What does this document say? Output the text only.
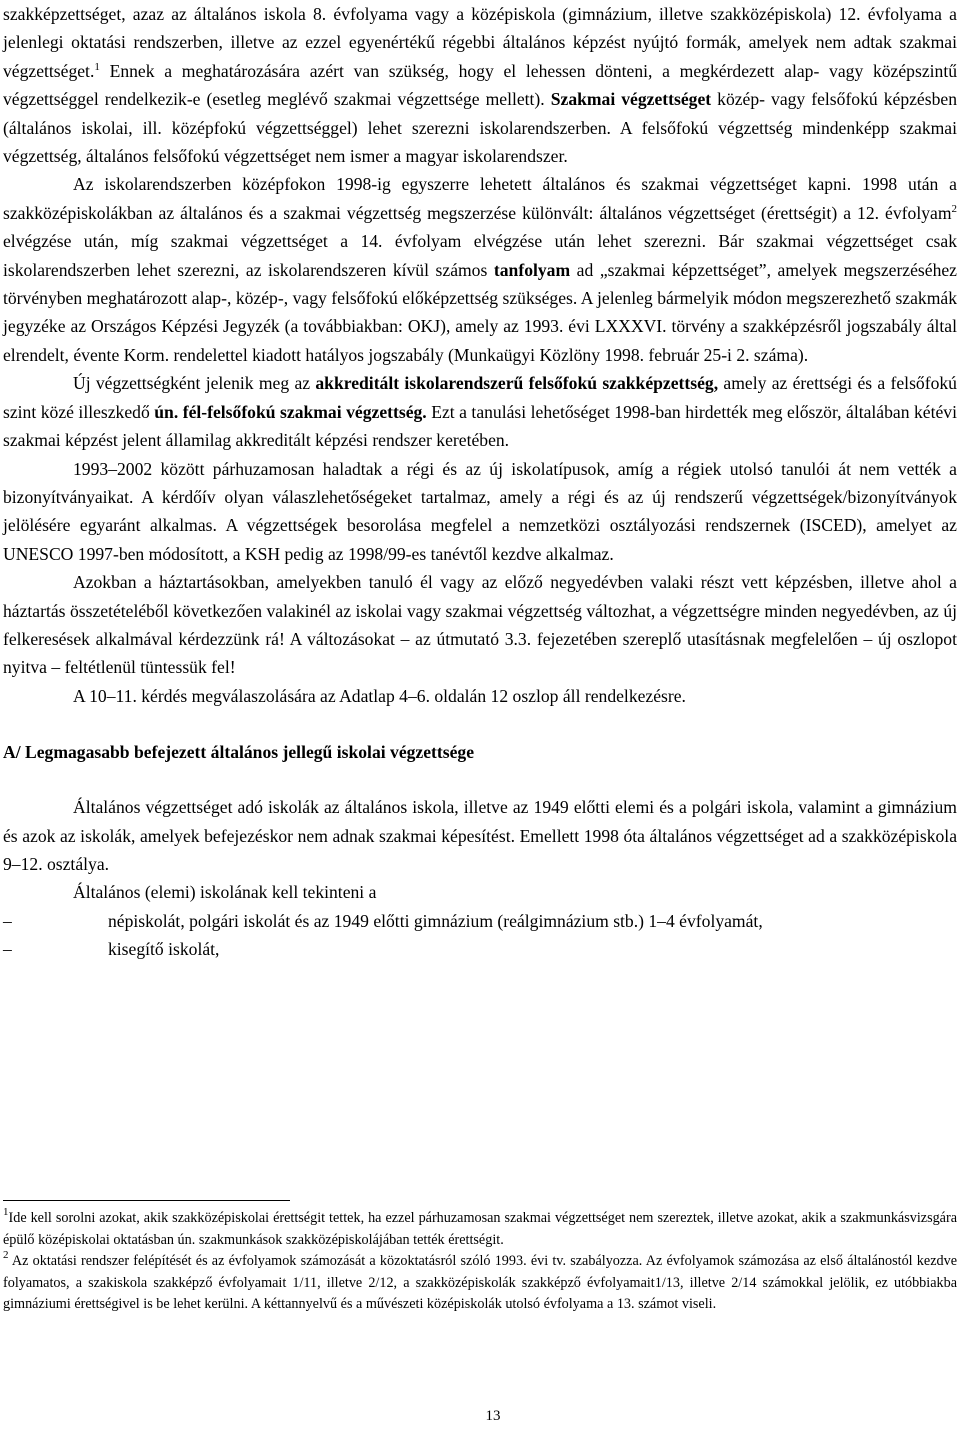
szakképzettséget, azaz az általános iskola 8. évfolyama vagy a középiskola (gimnázium, illetve szakközépiskola) 12. évfolyama a jelenlegi oktatási rendszerben, illetve az ezzel egyenértékű régebbi általános képzést nyújtó formák, amelyek nem adtak szakmai végzettséget.$^1$ Ennek a meghatározására azért van szükség, hogy el lehessen dönteni, a megkérdezett alap- vagy középszintű végzettséggel rendelkezik-e (esetleg meglévő szakmai végzettsége mellett). Szakmai végzettséget közép- vagy felsőfokú képzésben (általános iskolai, ill. középfokú végzettséggel) lehet szerezni iskolarendszerben. A felsőfokú végzettség mindenképp szakmai végzettség, általános felsőfokú végzettséget nem ismer a magyar iskolarendszer.

Az iskolarendszerben középfokon 1998-ig egyszerre lehetett általános és szakmai végzettséget kapni. 1998 után a szakközépiskolákban az általános és a szakmai végzettség megszerzése különvált: általános végzettséget (érettségit) a 12. évfolyam$^2$ elvégzése után, míg szakmai végzettséget a 14. évfolyam elvégzése után lehet szerezni. Bár szakmai végzettséget csak iskolarendszerben lehet szerezni, az iskolarendszeren kívül számos tanfolyam ad „szakmai képzettséget”, amelyek megszerzéséhez törvényben meghatározott alap-, közép-, vagy felsőfokú előképzettség szükséges. A jelenleg bármelyik módon megszerezhető szakmák jegyzéke az Országos Képzési Jegyzék (a továbbiakban: OKJ), amely az 1993. évi LXXXVI. törvény a szakképzésről jogszabály által elrendelt, évente Korm. rendelettel kiadott hatályos jogszabály (Munkaügyi Közlöny 1998. február 25-i 2. száma).

Új végzettségként jelenik meg az akkreditált iskolarendszerű felsőfokú szakképzettség, amely az érettségi és a felsőfokú szint közé illeszkedő ún. fél-felsőfokú szakmai végzettség. Ezt a tanulási lehetőséget 1998-ban hirdették meg először, általában kétévi szakmai képzést jelent államilag akkreditált képzési rendszer keretében.

1993–2002 között párhuzamosan haladtak a régi és az új iskolatípusok, amíg a régiek utolsó tanulói át nem vették a bizonyítványaikat. A kérdőív olyan válaszlehetőségeket tartalmaz, amely a régi és az új rendszerű végzettségek/bizonyítványok jelölésére egyaránt alkalmas. A végzettségek besorolása megfelel a nemzetközi osztályozási rendszernek (ISCED), amelyet az UNESCO 1997-ben módosított, a KSH pedig az 1998/99-es tanévtől kezdve alkalmaz.

Azokban a háztartásokban, amelyekben tanuló él vagy az előző negyedévben valaki részt vett képzésben, illetve ahol a háztartás összetételéből következően valakinél az iskolai vagy szakmai végzettség változhat, a végzettségre minden negyedévben, az új felkeresések alkalmával kérdezzünk rá! A változásokat – az útmutató 3.3. fejezetében szereplő utasításnak megfelelően – új oszlopot nyitva – feltétlenül tüntessük fel!

A 10–11. kérdés megválaszolására az Adatlap 4–6. oldalán 12 oszlop áll rendelkezésre.

A/ Legmagasabb befejezett általános jellegű iskolai végzettsége

Általános végzettséget adó iskolák az általános iskola, illetve az 1949 előtti elemi és a polgári iskola, valamint a gimnázium és azok az iskolák, amelyek befejezéskor nem adnak szakmai képesítést. Emellett 1998 óta általános végzettséget ad a szakközépiskola 9–12. osztálya.

Általános (elemi) iskolának kell tekinteni a

–	népiskolát, polgári iskolát és az 1949 előtti gimnázium (reálgimnázium stb.) 1–4 évfolyamát,
–	kisegítő iskolát,

$^1$Ide kell sorolni azokat, akik szakközépiskolai érettségit tettek, ha ezzel párhuzamosan szakmai végzettséget nem szereztek, illetve azokat, akik a szakmunkásvizsgára épülő középiskolai oktatásban ún. szakmunkások szakközépiskolájában tették érettségit.

$^2$ Az oktatási rendszer felépítését és az évfolyamok számozását a közoktatásról szóló 1993. évi tv. szabályozza. Az évfolyamok számozása az első általánostól kezdve folyamatos, a szakiskola szakképző évfolyamait 1/11, illetve 2/12, a szakközépiskolák szakképző évfolyamait1/13, illetve 2/14 számokkal jelölik, ez utóbbiakba gimnáziumi érettségivel is be lehet kerülni. A kéttannyelvű és a művészeti középiskolák utolsó évfolyama a 13. számot viseli.

13
